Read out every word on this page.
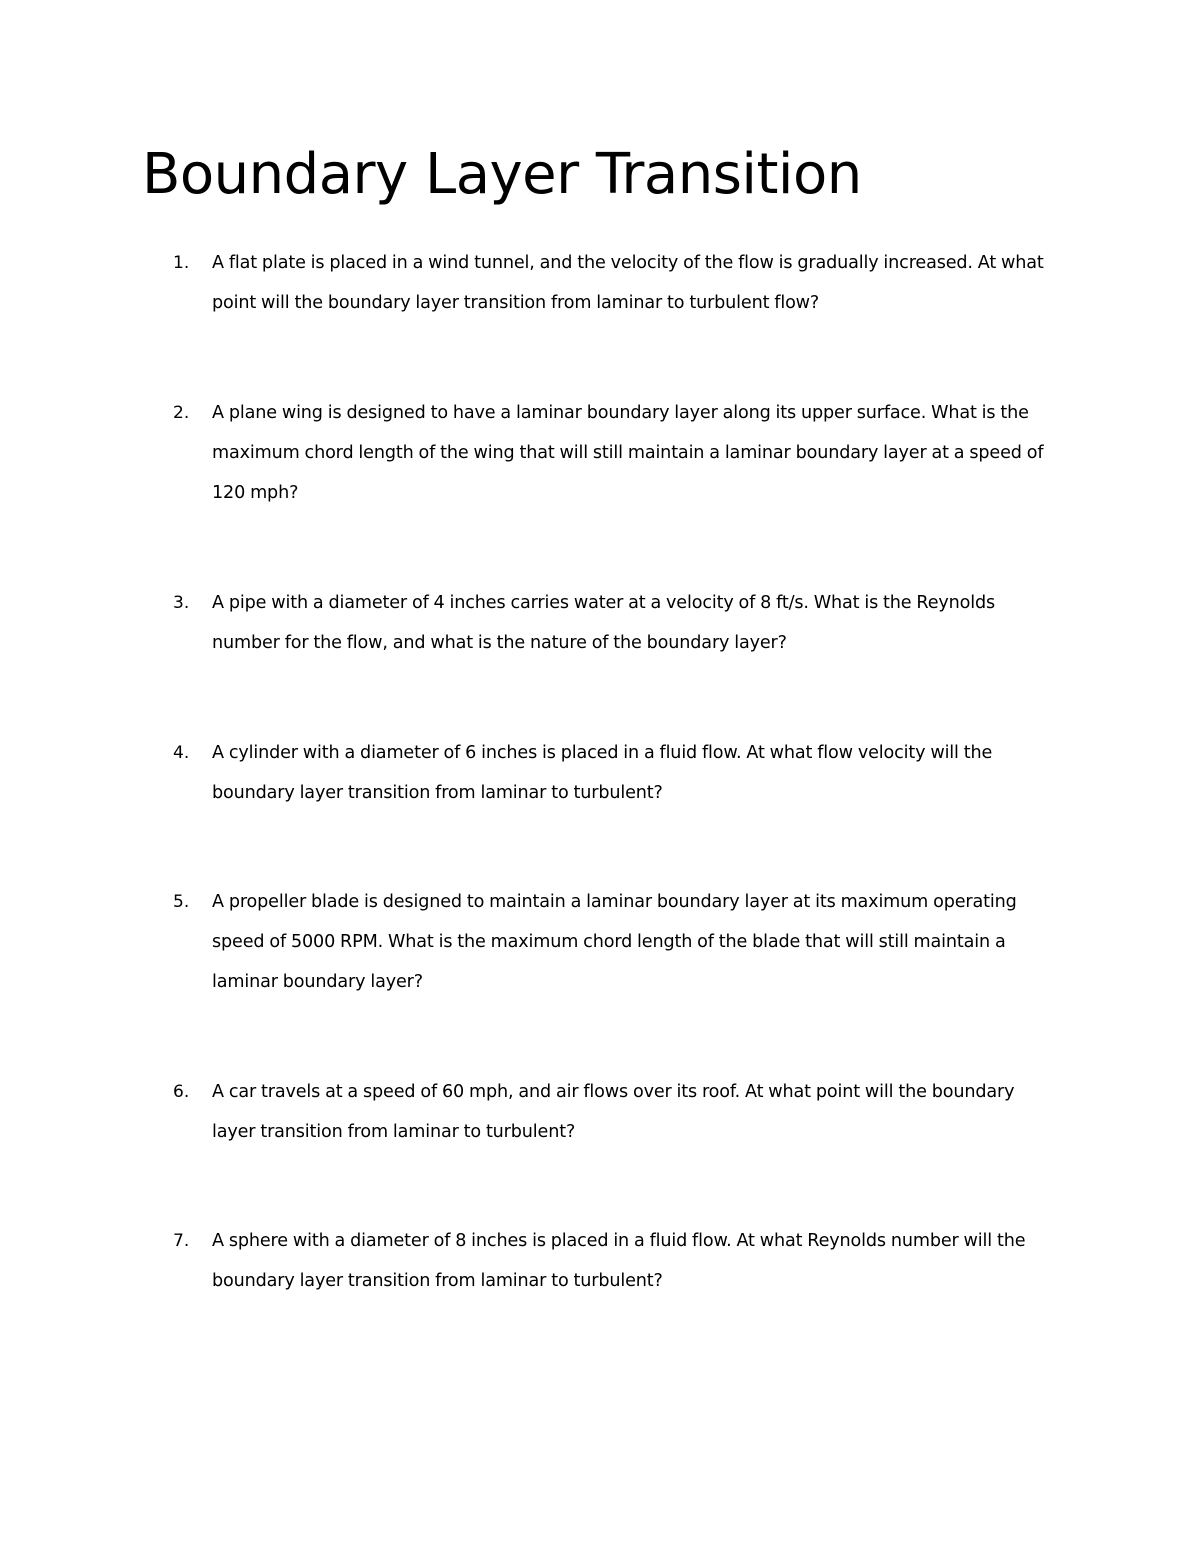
Boundary Layer Transition
1. A flat plate is placed in a wind tunnel, and the velocity of the flow is gradually increased. At what
point will the boundary layer transition from laminar to turbulent flow?
2. A plane wing is designed to have a laminar boundary layer along its upper surface. What is the
maximum chord length of the wing that will still maintain a laminar boundary layer at a speed of
120 mph?
3. A pipe with a diameter of 4 inches carries water at a velocity of 8 ft/s. What is the Reynolds
number for the flow, and what is the nature of the boundary layer?
4. A cylinder with a diameter of 6 inches is placed in a fluid flow. At what flow velocity will the
boundary layer transition from laminar to turbulent?
5. A propeller blade is designed to maintain a laminar boundary layer at its maximum operating
speed of 5000 RPM. What is the maximum chord length of the blade that will still maintain a
laminar boundary layer?
6. A car travels at a speed of 60 mph, and air flows over its roof. At what point will the boundary
layer transition from laminar to turbulent?
7. A sphere with a diameter of 8 inches is placed in a fluid flow. At what Reynolds number will the
boundary layer transition from laminar to turbulent?
